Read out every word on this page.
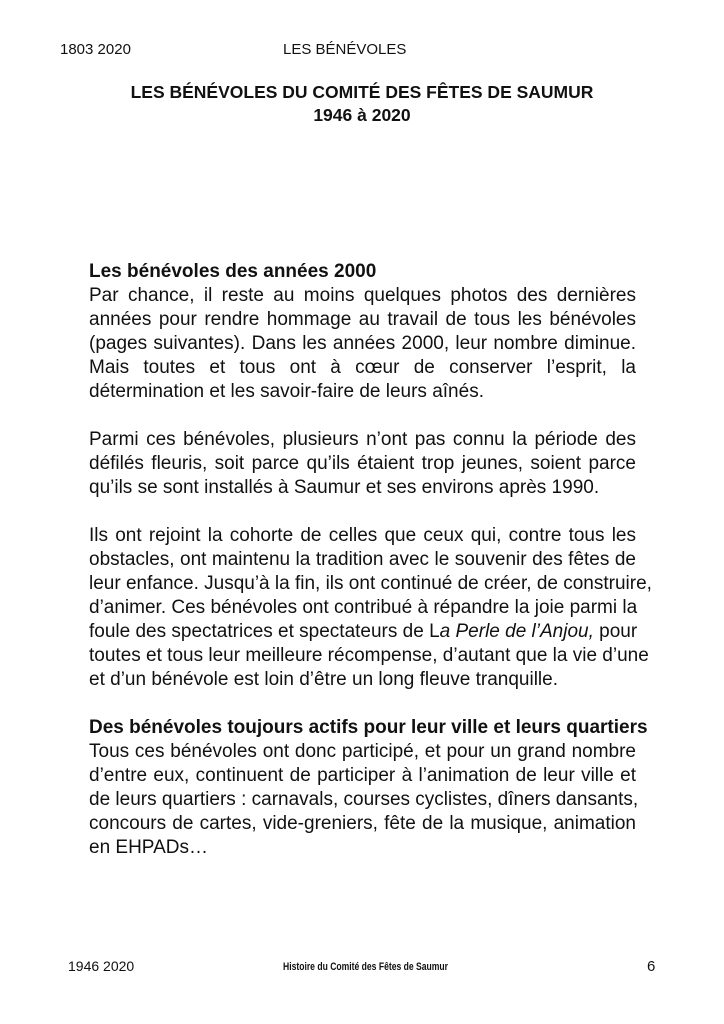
1803 2020	LES BÉNÉVOLES
LES BÉNÉVOLES DU COMITÉ DES FÊTES DE SAUMUR
1946 à 2020
Les bénévoles des années 2000
Par chance, il reste au moins quelques photos des dernières
années pour rendre hommage au travail de tous les bénévoles
(pages suivantes). Dans les années 2000, leur nombre diminue.
Mais toutes et tous ont à cœur de conserver l’esprit, la
détermination et les savoir-faire de leurs aînés.
Parmi ces bénévoles, plusieurs n’ont pas connu la période des
défilés fleuris, soit parce qu’ils étaient trop jeunes, soient parce
qu’ils se sont installés à Saumur et ses environs après 1990.
Ils ont rejoint la cohorte de celles que ceux qui, contre tous les
obstacles, ont maintenu la tradition avec le souvenir des fêtes de
leur enfance. Jusqu’à la fin, ils ont continué de créer, de construire,
d’animer. Ces bénévoles ont contribué à répandre la joie parmi la
foule des spectatrices et spectateurs de La Perle de l’Anjou, pour
toutes et tous leur meilleure récompense, d’autant que la vie d’une
et d’un bénévole est loin d’être un long fleuve tranquille.
Des bénévoles toujours actifs pour leur ville et leurs quartiers
Tous ces bénévoles ont donc participé, et pour un grand nombre
d’entre eux, continuent de participer à l’animation de leur ville et
de leurs quartiers : carnavals, courses cyclistes, dîners dansants,
concours de cartes, vide-greniers, fête de la musique, animation
en EHPADs…
1946 2020	Histoire du Comité des Fêtes de Saumur	6
